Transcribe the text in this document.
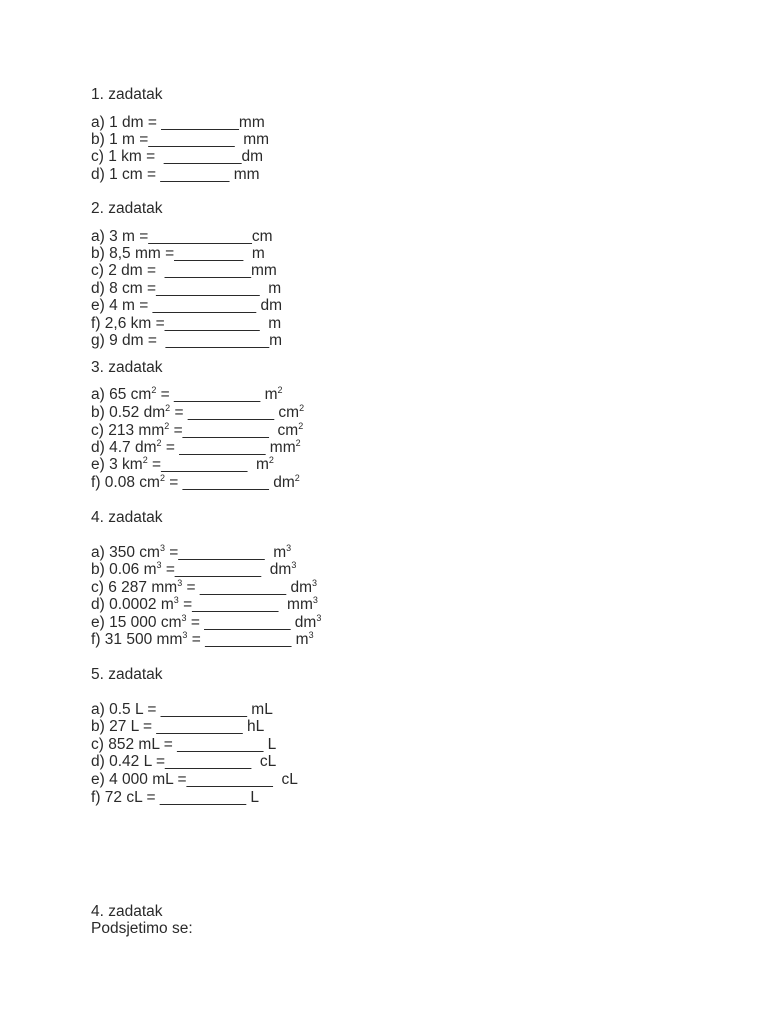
1. zadatak
a) 1 dm = _________mm
b) 1 m =__________ mm
c) 1 km = _________dm
d) 1 cm = ________ mm
2. zadatak
a) 3 m =____________cm
b) 8,5 mm =________ m
c) 2 dm = __________mm
d) 8 cm =____________ m
e) 4 m = ____________ dm
f) 2,6 km =___________ m
g) 9 dm = ____________m
3. zadatak
a) 65 $cm^2$ = __________ $m^2$
b) 0.52 $dm^2$ = __________ $cm^2$
c) 213 $mm^2$ =__________ $cm^2$
d) 4.7 $dm^2$ = __________ $mm^2$
e) 3 $km^2$ =__________ $m^2$
f) 0.08 $cm^2$ = __________ $dm^2$
4. zadatak
a) 350 $cm^3$ =__________ $m^3$
b) 0.06 $m^3$ =__________ $dm^3$
c) 6 287 $mm^3$ = __________ $dm^3$
d) 0.0002 $m^3$ =__________ $mm^3$
e) 15 000 $cm^3$ = __________ $dm^3$
f) 31 500 $mm^3$ = __________ $m^3$
5. zadatak
a) 0.5 L = __________ mL
b) 27 L = __________ hL
c) 852 mL = __________ L
d) 0.42 L =__________ cL
e) 4 000 mL =__________ cL
f) 72 cL = __________ L
4. zadatak
Podsjetimo se:
